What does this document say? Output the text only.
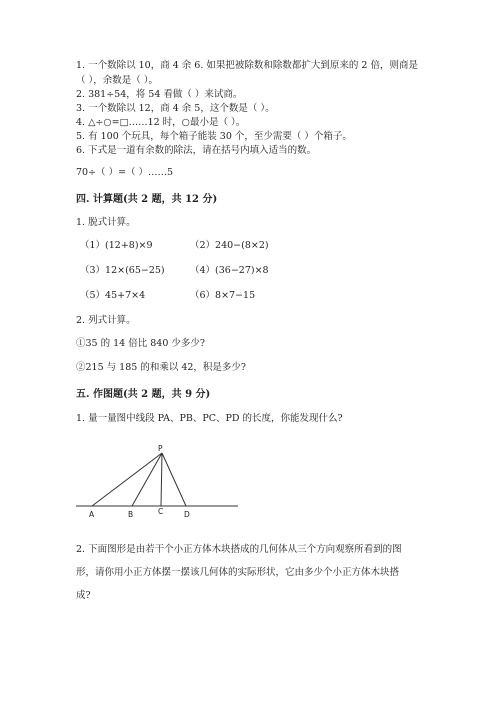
1. 一个数除以 10，商 4 余 6. 如果把被除数和除数都扩大到原来的 2 倍，则商是
（ ），余数是（ ）。
2. 381÷54，将 54 看做（ ）来试商。
3. 一个数除以 12，商 4 余 5，这个数是（ ）。
4. △÷○=□……12 时，○最小是（ ）。
5. 有 100 个玩具，每个箱子能装 30 个，至少需要（ ）个箱子。
6. 下式是一道有余数的除法，请在括号内填入适当的数。
70÷（ ）=（ ）……5
四. 计算题(共 2 题，共 12 分)
1. 脱式计算。
（1）(12+8)×9	（2）240−(8×2)
（3）12×(65−25)	（4）(36−27)×8
（5）45+7×4	（6）8×7−15
2. 列式计算。
①35 的 14 倍比 840 少多少?
②215 与 185 的和乘以 42，积是多少?
五. 作图题(共 2 题，共 9 分)
1. 量一量图中线段 PA、PB、PC、PD 的长度，你能发现什么?
P
A	B	C	D
2. 下面图形是由若干个小正方体木块搭成的几何体从三个方向观察所看到的图
形，请你用小正方体摆一摆该几何体的实际形状，它由多少个小正方体木块搭
成?
